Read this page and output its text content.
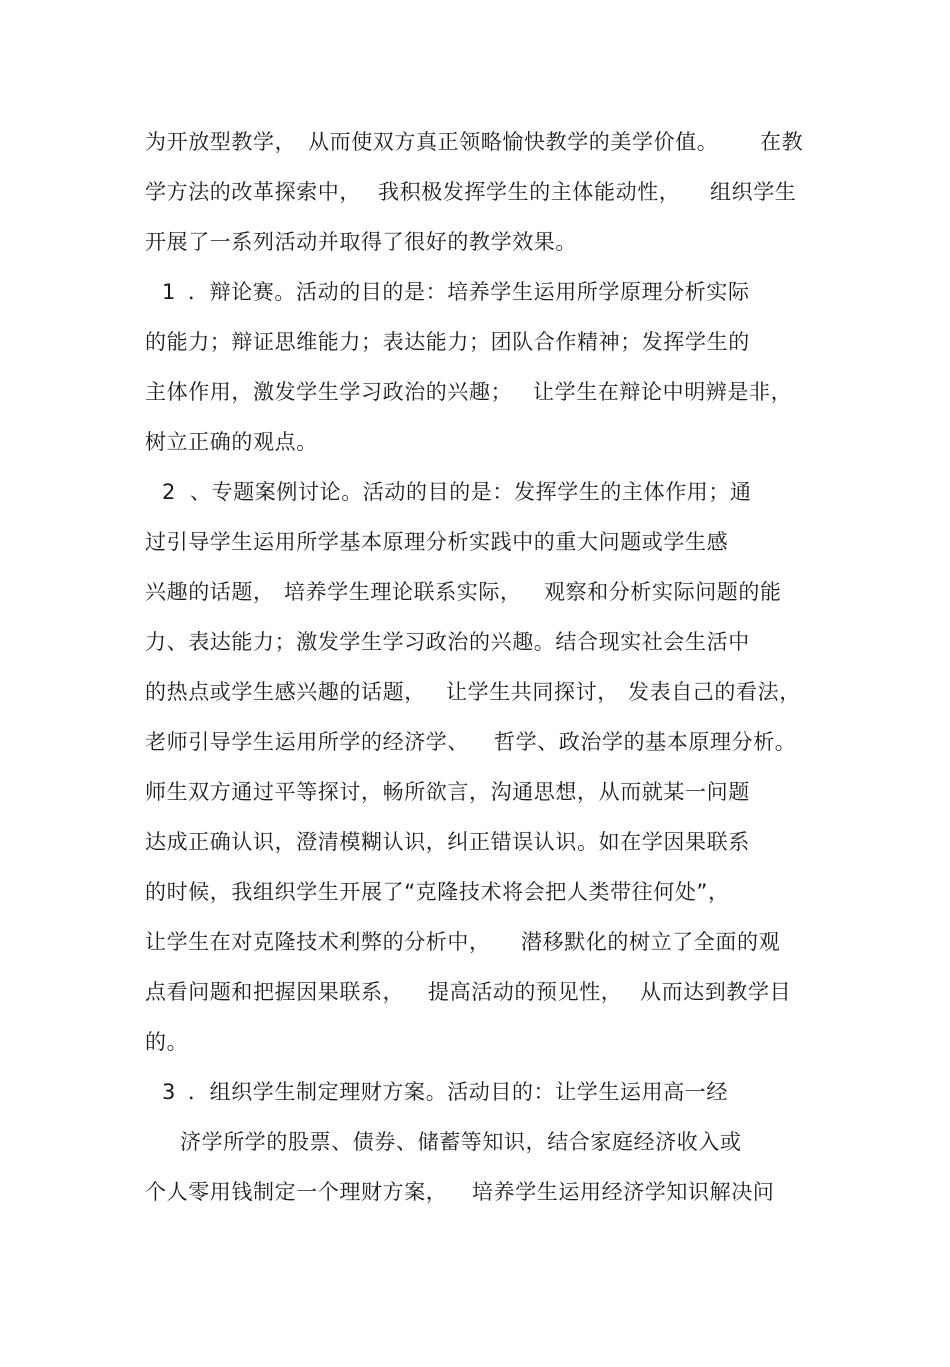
为开放型教学，

从而使双方真正领略愉快教学的美学价值。

在教

学方法的改革探索中，

我积极发挥学生的主体能动性，

组织学生

开展了一系列活动并取得了很好的教学效果。

1

．辩论赛。活动的目的是：培养学生运用所学原理分析实际

的能力；辩证思维能力；表达能力；团队合作精神；发挥学生的

主体作用，激发学生学习政治的兴趣；

让学生在辩论中明辨是非，

树立正确的观点。

2

、专题案例讨论。活动的目的是：发挥学生的主体作用；通

过引导学生运用所学基本原理分析实践中的重大问题或学生感

兴趣的话题，

培养学生理论联系实际，

观察和分析实际问题的能

力、表达能力；激发学生学习政治的兴趣。结合现实社会生活中

的热点或学生感兴趣的话题，

让学生共同探讨，

发表自己的看法，

老师引导学生运用所学的经济学、

哲学、政治学的基本原理分析。

师生双方通过平等探讨，畅所欲言，沟通思想，从而就某一问题

达成正确认识，澄清模糊认识，纠正错误认识。如在学因果联系

的时候，我组织学生开展了“克隆技术将会把人类带往何处”，

让学生在对克隆技术利弊的分析中，

潜移默化的树立了全面的观

点看问题和把握因果联系，

提高活动的预见性，

从而达到教学目

的。

3

．组织学生制定理财方案。活动目的：让学生运用高一经

济学所学的股票、债券、储蓄等知识，结合家庭经济收入或

个人零用钱制定一个理财方案，

培养学生运用经济学知识解决问
